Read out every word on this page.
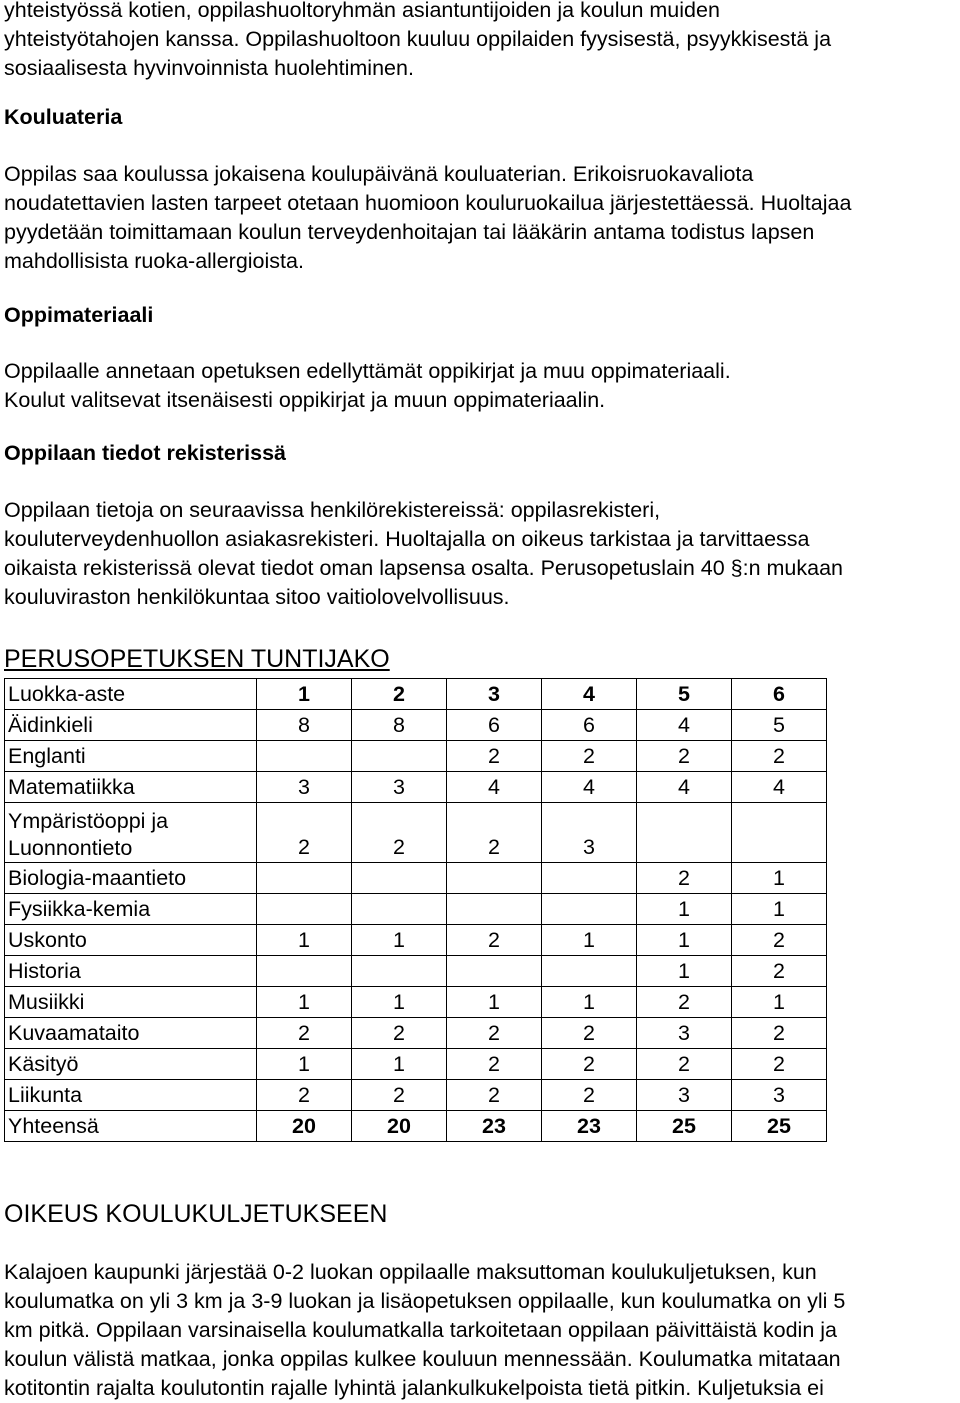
yhteistyössä kotien, oppilashuoltoryhmän asiantuntijoiden ja koulun muiden

yhteistyötahojen kanssa. Oppilashuoltoon kuuluu oppilaiden fyysisestä, psyykkisestä ja

sosiaalisesta hyvinvoinnista huolehtiminen.

Kouluateria

Oppilas saa koulussa jokaisena koulupäivänä kouluaterian. Erikoisruokavaliota

noudatettavien lasten tarpeet otetaan huomioon kouluruokailua järjestettäessä. Huoltajaa

pyydetään toimittamaan koulun terveydenhoitajan tai lääkärin antama todistus lapsen

mahdollisista ruoka-allergioista.

Oppimateriaali

Oppilaalle annetaan opetuksen edellyttämät oppikirjat ja muu oppimateriaali.

Koulut valitsevat itsenäisesti oppikirjat ja muun oppimateriaalin.

Oppilaan tiedot rekisterissä

Oppilaan tietoja on seuraavissa henkilörekistereissä: oppilasrekisteri,

kouluterveydenhuollon asiakasrekisteri. Huoltajalla on oikeus tarkistaa ja tarvittaessa

oikaista rekisterissä olevat tiedot oman lapsensa osalta. Perusopetuslain 40 §:n mukaan

kouluviraston henkilökuntaa sitoo vaitiolovelvollisuus.

PERUSOPETUKSEN TUNTIJAKO

Luokka-aste	1	2	3	4	5	6
Äidinkieli	8	8	6	6	4	5
Englanti			2	2	2	2
Matematiikka	3	3	4	4	4	4
Ympäristöoppi ja
Luonnontieto	2	2	2	3		
Biologia-maantieto					2	1
Fysiikka-kemia					1	1
Uskonto	1	1	2	1	1	2
Historia					1	2
Musiikki	1	1	1	1	2	1
Kuvaamataito	2	2	2	2	3	2
Käsityö	1	1	2	2	2	2
Liikunta	2	2	2	2	3	3
Yhteensä	20	20	23	23	25	25

OIKEUS KOULUKULJETUKSEEN

Kalajoen kaupunki järjestää 0-2 luokan oppilaalle maksuttoman koulukuljetuksen, kun

koulumatka on yli 3 km ja 3-9 luokan ja lisäopetuksen oppilaalle, kun koulumatka on yli 5

km pitkä. Oppilaan varsinaisella koulumatkalla tarkoitetaan oppilaan päivittäistä kodin ja

koulun välistä matkaa, jonka oppilas kulkee kouluun mennessään. Koulumatka mitataan

kotitontin rajalta koulutontin rajalle lyhintä jalankulkukelpoista tietä pitkin. Kuljetuksia ei
